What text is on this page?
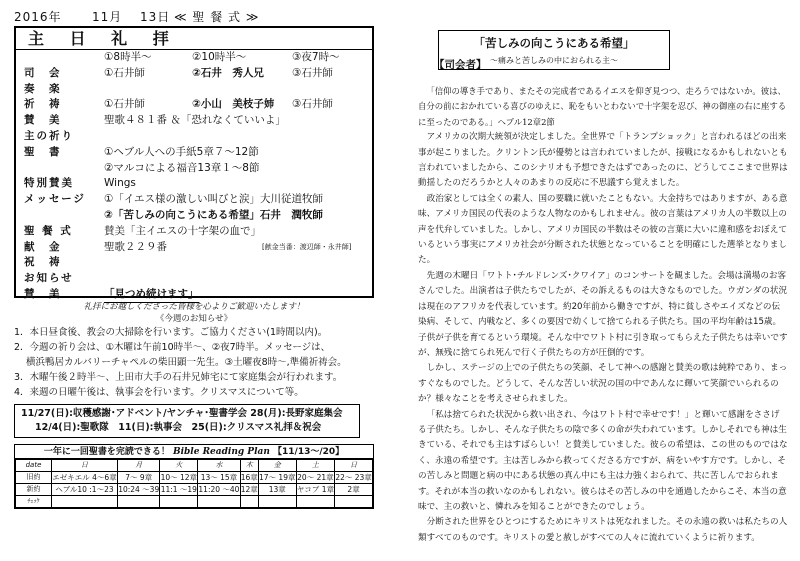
2016年	11月 13日 ≪ 聖 餐 式 ≫
主 日 礼 拝
①8時半～	②10時半～	③夜7時～
司　会	①石井師	②石井　秀人兄	③石井師
奏　楽
祈　祷	①石井師	②小山　美枝子姉	③石井師
賛　美	聖歌４８１番 ＆「恐れなくていいよ」
主の祈り
聖　書	①ヘブル人への手紙5章７～12節
②マルコによる福音13章１～8節
特別賛美	Wings
メッセージ	①「イエス様の激しい叫びと涙」大川従道牧師
②「苦しみの向こうにある希望」石井　潤牧師
聖 餐 式	賛美「主イエスの十字架の血で」
献　金	聖歌２２９番	[献金当番：渡辺師・永井師]
祝　祷
お知らせ
【司会者】
賛　美	「見つめ続けます」
礼拝にお越しくださった皆様を心よりご歓迎いたします！
《今週のお知らせ》
1．本日昼食後、教会の大掃除を行います。ご協力ください(1時間以内)。
2．今週の祈り会は、①木曜は午前10時半～、②夜7時半。メッセージは、
横浜鴨居カルバリーチャペルの柴田顕一先生。③土曜夜8時～,準備祈祷会。
3．木曜午後２時半～、上田市大手の石井兄姉宅にて家庭集会が行われます。
4．来週の日曜午後は、執事会を行います。クリスマスについて等。
11/27(日):収穫感謝･アドベント/ヤンチャ･聖書学会 28(月):長野家庭集会
12/4(日):聖歌隊　11(日):執事会　25(日):クリスマス礼拝＆祝会
一年に一回聖書を完読できる！ Bible Reading Plan 【11/13～/20】
date	日	月	火	水	木	金	土	日
旧約	エゼキエル 4～6章	7～ 9章	10～ 12章	13～ 15章	16章	17～ 19章	20～ 21章	22～ 23章
新約	ヘブル10 :1～23	10:24 ～39	11:1 ～19	11:20 ～40	12章	13章	ヤコブ 1章	2章
ﾁｪｯｸ								
「苦しみの向こうにある希望」
～痛みと苦しみの中におられる主～

「信仰の導き手であり、またその完成者であるイエスを仰ぎ見つつ、走ろうではないか。彼は、自分の前におかれている喜びのゆえに、恥をもいとわないで十字架を忍び、神の御座の右に座するに至ったのである。」ヘブル12章2節

アメリカの次期大統領が決定しました。全世界で「トランプショック」と言われるほどの出来事が起こりました。クリントン氏が優勢とは言われていましたが、接戦になるかもしれないとも言われていましたから、このシナリオも予想できたはずであったのに、どうしてここまで世界は動揺したのだろうかと人々のあまりの反応に不思議すら覚えました。

政治家としては全くの素人、国の要職に就いたこともない。大金持ちではありますが、ある意味、アメリカ国民の代表のような人物なのかもしれません。彼の言葉はアメリカ人の半数以上の声を代弁していました。しかし、アメリカ国民の半数はその彼の言葉に大いに違和感をおぼえているという事実にアメリカ社会が分断された状態となっていることを明確にした選挙となりました。

先週の木曜日「ワトト･チルドレンズ･クワイア」のコンサートを観ました。会場は満場のお客さんでした。出演者は子供たちでしたが、その訴えるものは大きなものでした。ウガンダの状況は現在のアフリカを代表しています。約20年前から働きですが、特に貧しさやエイズなどの伝染病、そして、内戦など、多くの要因で幼くして捨てられる子供たち。国の平均年齢は15歳。子供が子供を育てるという環境。そんな中でワトト村に引き取ってもらえた子供たちは幸いですが、無残に捨てられ死んで行く子供たちの方が圧倒的です。

しかし、ステージの上での子供たちの笑顔、そして神への感謝と賛美の歌は純粋であり、まっすぐなものでした。どうして、そんな苦しい状況の国の中であんなに輝いて笑顔でいられるのか？様々なことを考えさせられました。

「私は捨てられた状況から救い出され、今はワトト村で幸せです！」と輝いて感謝をささげる子供たち。しかし、そんな子供たちの陰で多くの命が失われています。しかしそれでも神は生きている、それでも主はすばらしい！と賛美していました。彼らの希望は、この世のものではなく、永遠の希望です。主は苦しみから救ってくださる方ですが、病をいやす方です。しかし、その苦しみと問題と病の中にある状態の真ん中にも主は力強くおられて、共に苦しんでおられます。それが本当の救いなのかもしれない。彼らはその苦しみの中を通過したからこそ、本当の意味で、主の救いと、憐れみを知ることができたのでしょう。

分断された世界をひとつにするためにキリストは死なれました。その永遠の救いは私たちの人類すべてのものです。キリストの愛と赦しがすべての人々に流れていくように祈ります。
